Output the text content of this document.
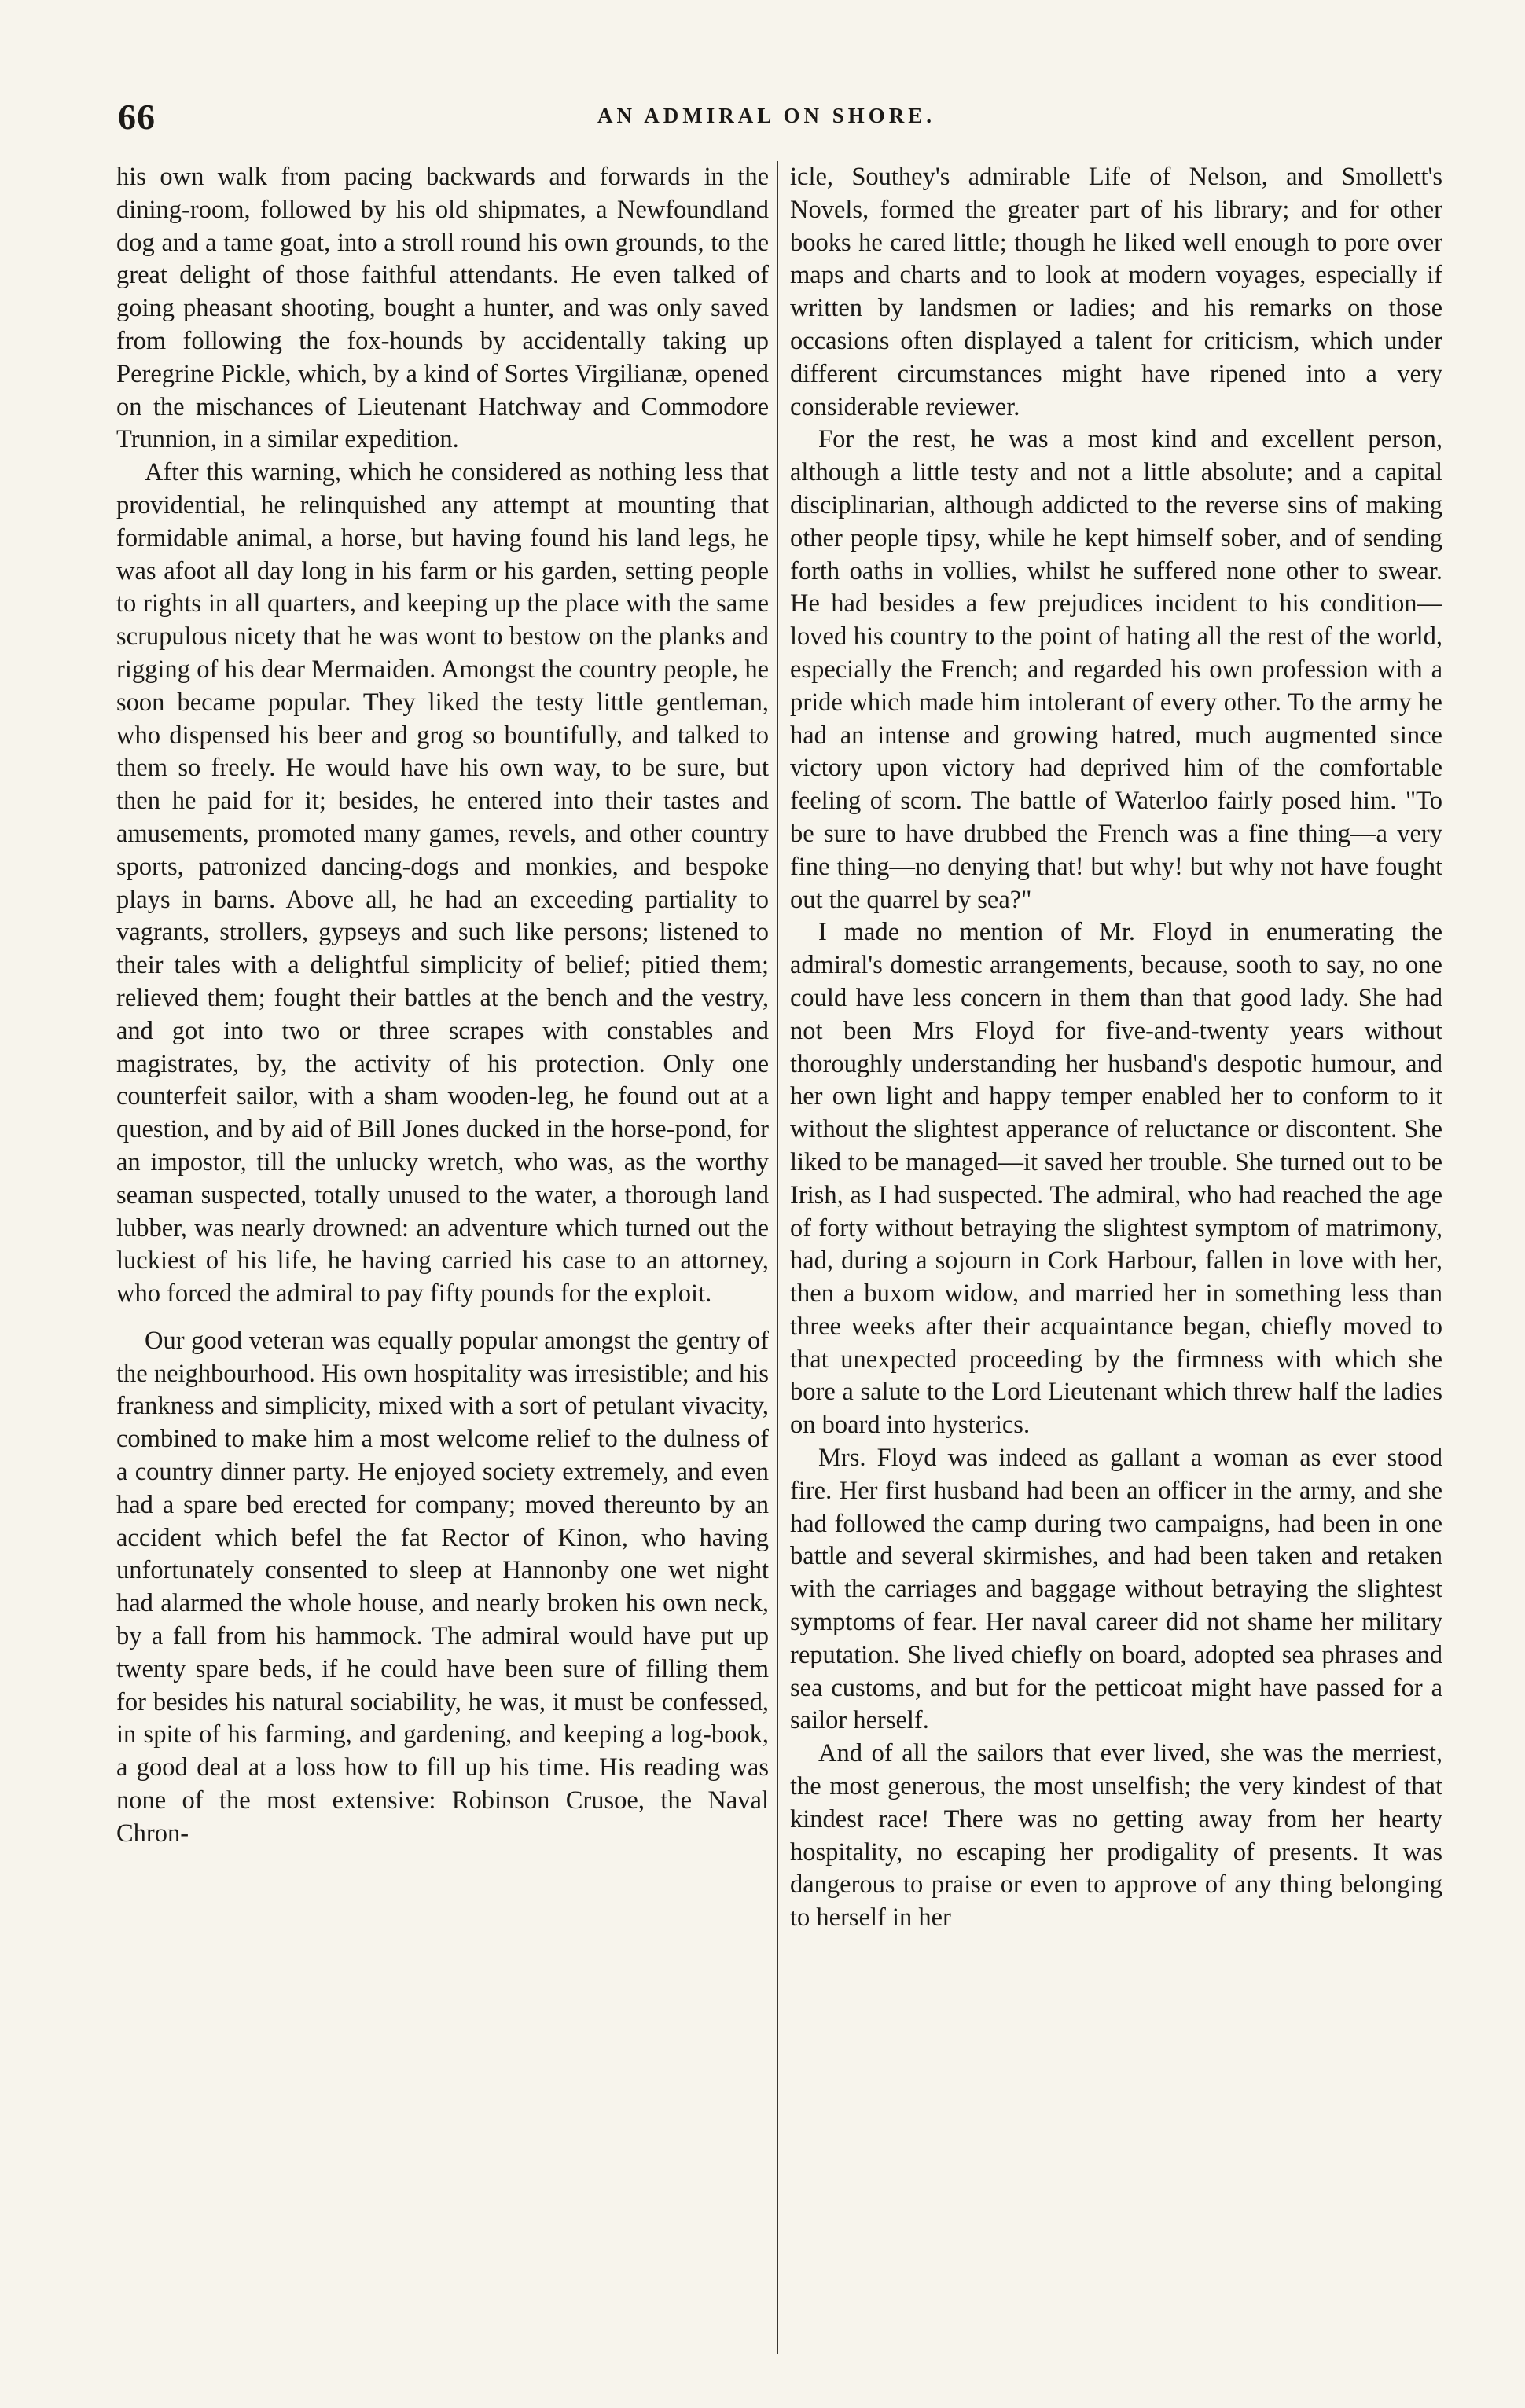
66	AN ADMIRAL ON SHORE.

his own walk from pacing backwards and forwards in the dining-room, followed by his old shipmates, a Newfoundland dog and a tame goat, into a stroll round his own grounds, to the great delight of those faithful attendants. He even talked of going pheasant shooting, bought a hunter, and was only saved from following the fox-hounds by accidentally taking up Peregrine Pickle, which, by a kind of Sortes Virgilianæ, opened on the mischances of Lieutenant Hatchway and Commodore Trunnion, in a similar expedition.

After this warning, which he considered as nothing less that providential, he relinquished any attempt at mounting that formidable animal, a horse, but having found his land legs, he was afoot all day long in his farm or his garden, setting people to rights in all quarters, and keeping up the place with the same scrupulous nicety that he was wont to bestow on the planks and rigging of his dear Mermaiden. Amongst the country people, he soon became popular. They liked the testy little gentleman, who dispensed his beer and grog so bountifully, and talked to them so freely. He would have his own way, to be sure, but then he paid for it; besides, he entered into their tastes and amusements, promoted many games, revels, and other country sports, patronized dancing-dogs and monkies, and bespoke plays in barns. Above all, he had an exceeding partiality to vagrants, strollers, gypseys and such like persons; listened to their tales with a delightful simplicity of belief; pitied them; relieved them; fought their battles at the bench and the vestry, and got into two or three scrapes with constables and magistrates, by, the activity of his protection. Only one counterfeit sailor, with a sham wooden-leg, he found out at a question, and by aid of Bill Jones ducked in the horse-pond, for an impostor, till the unlucky wretch, who was, as the worthy seaman suspected, totally unused to the water, a thorough land lubber, was nearly drowned: an adventure which turned out the luckiest of his life, he having carried his case to an attorney, who forced the admiral to pay fifty pounds for the exploit.

Our good veteran was equally popular amongst the gentry of the neighbourhood. His own hospitality was irresistible; and his frankness and simplicity, mixed with a sort of petulant vivacity, combined to make him a most welcome relief to the dulness of a country dinner party. He enjoyed society extremely, and even had a spare bed erected for company; moved thereunto by an accident which befel the fat Rector of Kinon, who having unfortunately consented to sleep at Hannonby one wet night had alarmed the whole house, and nearly broken his own neck, by a fall from his hammock. The admiral would have put up twenty spare beds, if he could have been sure of filling them for besides his natural sociability, he was, it must be confessed, in spite of his farming, and gardening, and keeping a log-book, a good deal at a loss how to fill up his time. His reading was none of the most extensive: Robinson Crusoe, the Naval Chron-

icle, Southey's admirable Life of Nelson, and Smollett's Novels, formed the greater part of his library; and for other books he cared little; though he liked well enough to pore over maps and charts and to look at modern voyages, especially if written by landsmen or ladies; and his remarks on those occasions often displayed a talent for criticism, which under different circumstances might have ripened into a very considerable reviewer.

For the rest, he was a most kind and excellent person, although a little testy and not a little absolute; and a capital disciplinarian, although addicted to the reverse sins of making other people tipsy, while he kept himself sober, and of sending forth oaths in vollies, whilst he suffered none other to swear. He had besides a few prejudices incident to his condition—loved his country to the point of hating all the rest of the world, especially the French; and regarded his own profession with a pride which made him intolerant of every other. To the army he had an intense and growing hatred, much augmented since victory upon victory had deprived him of the comfortable feeling of scorn. The battle of Waterloo fairly posed him. "To be sure to have drubbed the French was a fine thing—a very fine thing—no denying that! but why! but why not have fought out the quarrel by sea?"

I made no mention of Mr. Floyd in enumerating the admiral's domestic arrangements, because, sooth to say, no one could have less concern in them than that good lady. She had not been Mrs Floyd for five-and-twenty years without thoroughly understanding her husband's despotic humour, and her own light and happy temper enabled her to conform to it without the slightest apperance of reluctance or discontent. She liked to be managed—it saved her trouble. She turned out to be Irish, as I had suspected. The admiral, who had reached the age of forty without betraying the slightest symptom of matrimony, had, during a sojourn in Cork Harbour, fallen in love with her, then a buxom widow, and married her in something less than three weeks after their acquaintance began, chiefly moved to that unexpected proceeding by the firmness with which she bore a salute to the Lord Lieutenant which threw half the ladies on board into hysterics.

Mrs. Floyd was indeed as gallant a woman as ever stood fire. Her first husband had been an officer in the army, and she had followed the camp during two campaigns, had been in one battle and several skirmishes, and had been taken and retaken with the carriages and baggage without betraying the slightest symptoms of fear. Her naval career did not shame her military reputation. She lived chiefly on board, adopted sea phrases and sea customs, and but for the petticoat might have passed for a sailor herself.

And of all the sailors that ever lived, she was the merriest, the most generous, the most unselfish; the very kindest of that kindest race! There was no getting away from her hearty hospitality, no escaping her prodigality of presents. It was dangerous to praise or even to approve of any thing belonging to herself in her
